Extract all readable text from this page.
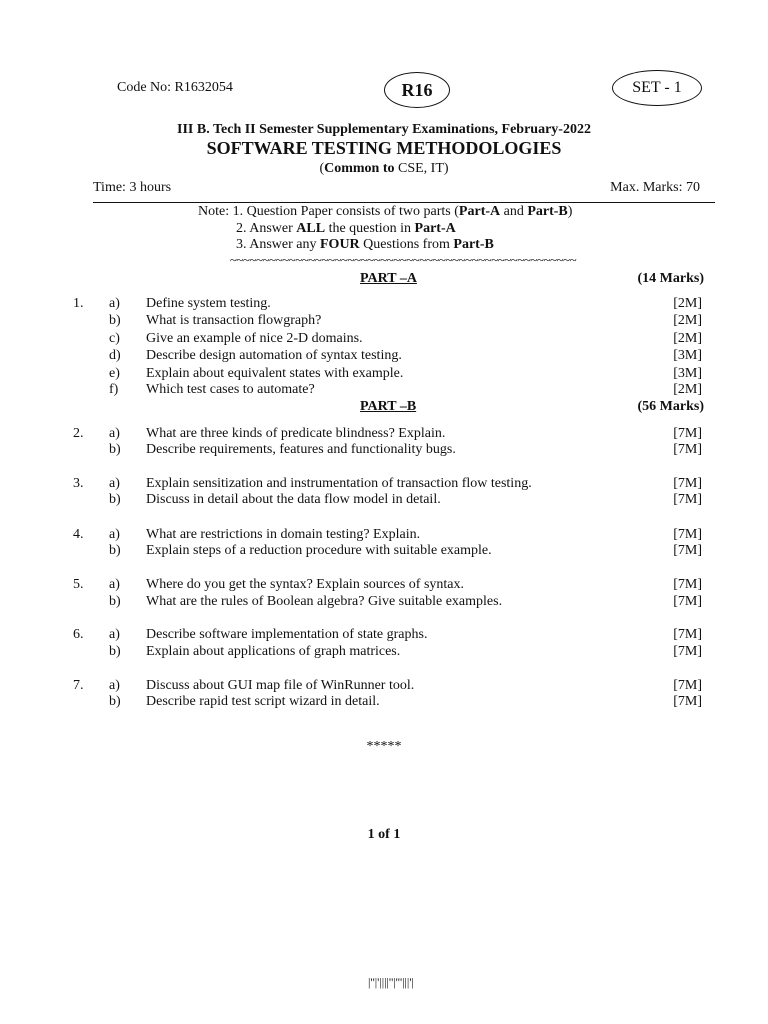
Code No: R1632054	R16	SET - 1
III B. Tech II Semester Supplementary Examinations, February-2022
SOFTWARE TESTING METHODOLOGIES
(Common to CSE, IT)
Time: 3 hours	Max. Marks: 70
Note: 1. Question Paper consists of two parts (Part-A and Part-B)
2. Answer ALL the question in Part-A
3. Answer any FOUR Questions from Part-B
~~~~~~~~~~~~~~~~~~~~~~~~~~~~~~~~~~~~~~~~~~~~~~~~~~~~~
PART –A	(14 Marks)
1. a) Define system testing.	[2M]
b) What is transaction flowgraph?	[2M]
c) Give an example of nice 2-D domains.	[2M]
d) Describe design automation of syntax testing.	[3M]
e) Explain about equivalent states with example.	[3M]
f) Which test cases to automate?	[2M]
PART –B	(56 Marks)
2. a) What are three kinds of predicate blindness? Explain.	[7M]
b) Describe requirements, features and functionality bugs.	[7M]
3. a) Explain sensitization and instrumentation of transaction flow testing.	[7M]
b) Discuss in detail about the data flow model in detail.	[7M]
4. a) What are restrictions in domain testing? Explain.	[7M]
b) Explain steps of a reduction procedure with suitable example.	[7M]
5. a) Where do you get the syntax? Explain sources of syntax.	[7M]
b) What are the rules of Boolean algebra? Give suitable examples.	[7M]
6. a) Describe software implementation of state graphs.	[7M]
b) Explain about applications of graph matrices.	[7M]
7. a) Discuss about GUI map file of WinRunner tool.	[7M]
b) Describe rapid test script wizard in detail.	[7M]
*****
1 of 1
|''|'||||''|'''|||'|
